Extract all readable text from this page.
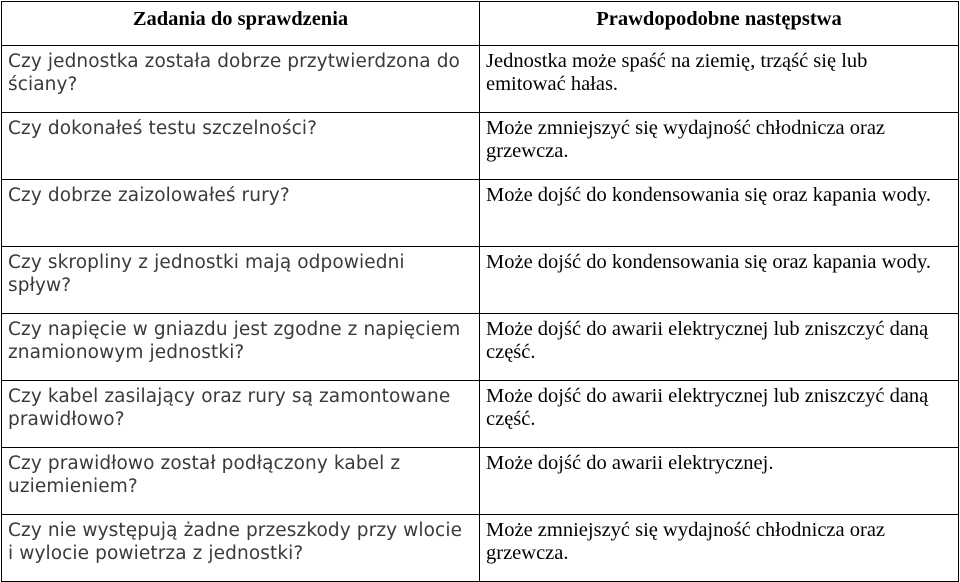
Zadania do sprawdzenia	Prawdopodobne następstwa
Czy jednostka została dobrze przytwierdzona do ściany?	Jednostka może spaść na ziemię, trząść się lub emitować hałas.
Czy dokonałeś testu szczelności?	Może zmniejszyć się wydajność chłodnicza oraz grzewcza.
Czy dobrze zaizolowałeś rury?	Może dojść do kondensowania się oraz kapania wody.
Czy skropliny z jednostki mają odpowiedni spływ?	Może dojść do kondensowania się oraz kapania wody.
Czy napięcie w gniazdu jest zgodne z napięciem znamionowym jednostki?	Może dojść do awarii elektrycznej lub zniszczyć daną część.
Czy kabel zasilający oraz rury są zamontowane prawidłowo?	Może dojść do awarii elektrycznej lub zniszczyć daną część.
Czy prawidłowo został podłączony kabel z uziemieniem?	Może dojść do awarii elektrycznej.
Czy nie występują żadne przeszkody przy wlocie i wylocie powietrza z jednostki?	Może zmniejszyć się wydajność chłodnicza oraz grzewcza.
